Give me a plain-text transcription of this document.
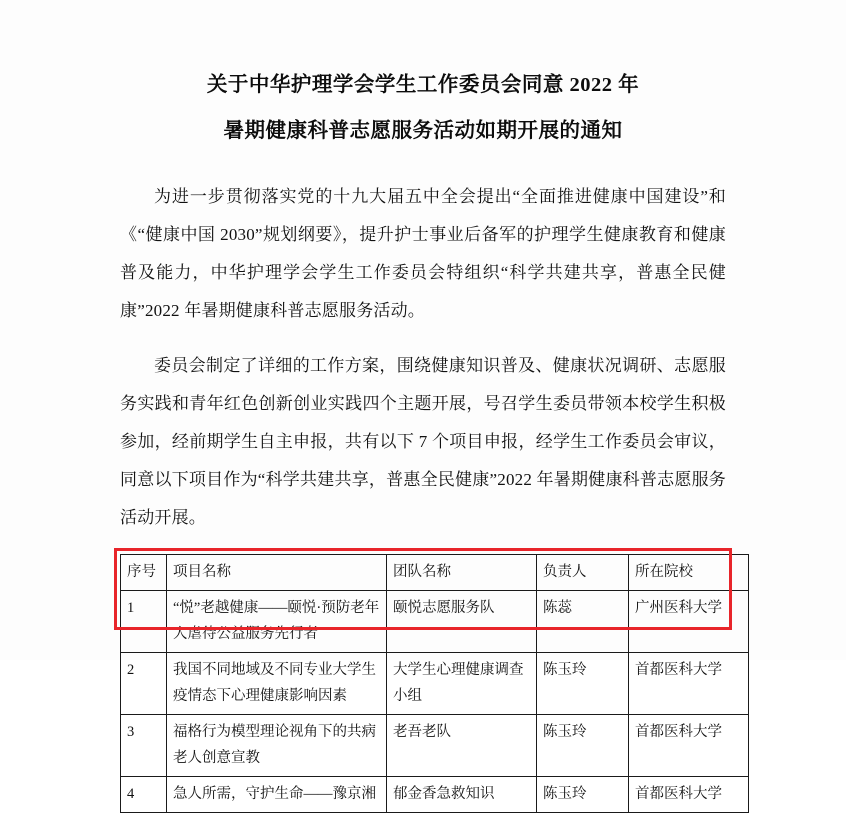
关于中华护理学会学生工作委员会同意 2022 年
暑期健康科普志愿服务活动如期开展的通知

为进一步贯彻落实党的十九大届五中全会提出“全面推进健康中国建设”和《“健康中国 2030”规划纲要》，提升护士事业后备军的护理学生健康教育和健康普及能力，中华护理学会学生工作委员会特组织“科学共建共享，普惠全民健康”2022 年暑期健康科普志愿服务活动。

委员会制定了详细的工作方案，围绕健康知识普及、健康状况调研、志愿服务实践和青年红色创新创业实践四个主题开展，号召学生委员带领本校学生积极参加，经前期学生自主申报，共有以下 7 个项目申报，经学生工作委员会审议，同意以下项目作为“科学共建共享，普惠全民健康”2022 年暑期健康科普志愿服务活动开展。

序号	项目名称	团队名称	负责人	所在院校
1	“悦”老越健康——颐悦·预防老年人虐待公益服务先行者	颐悦志愿服务队	陈蕊	广州医科大学
2	我国不同地域及不同专业大学生疫情态下心理健康影响因素	大学生心理健康调查小组	陈玉玲	首都医科大学
3	福格行为模型理论视角下的共病老人创意宣教	老吾老队	陈玉玲	首都医科大学
4	急人所需，守护生命——豫京湘	郁金香急救知识	陈玉玲	首都医科大学
